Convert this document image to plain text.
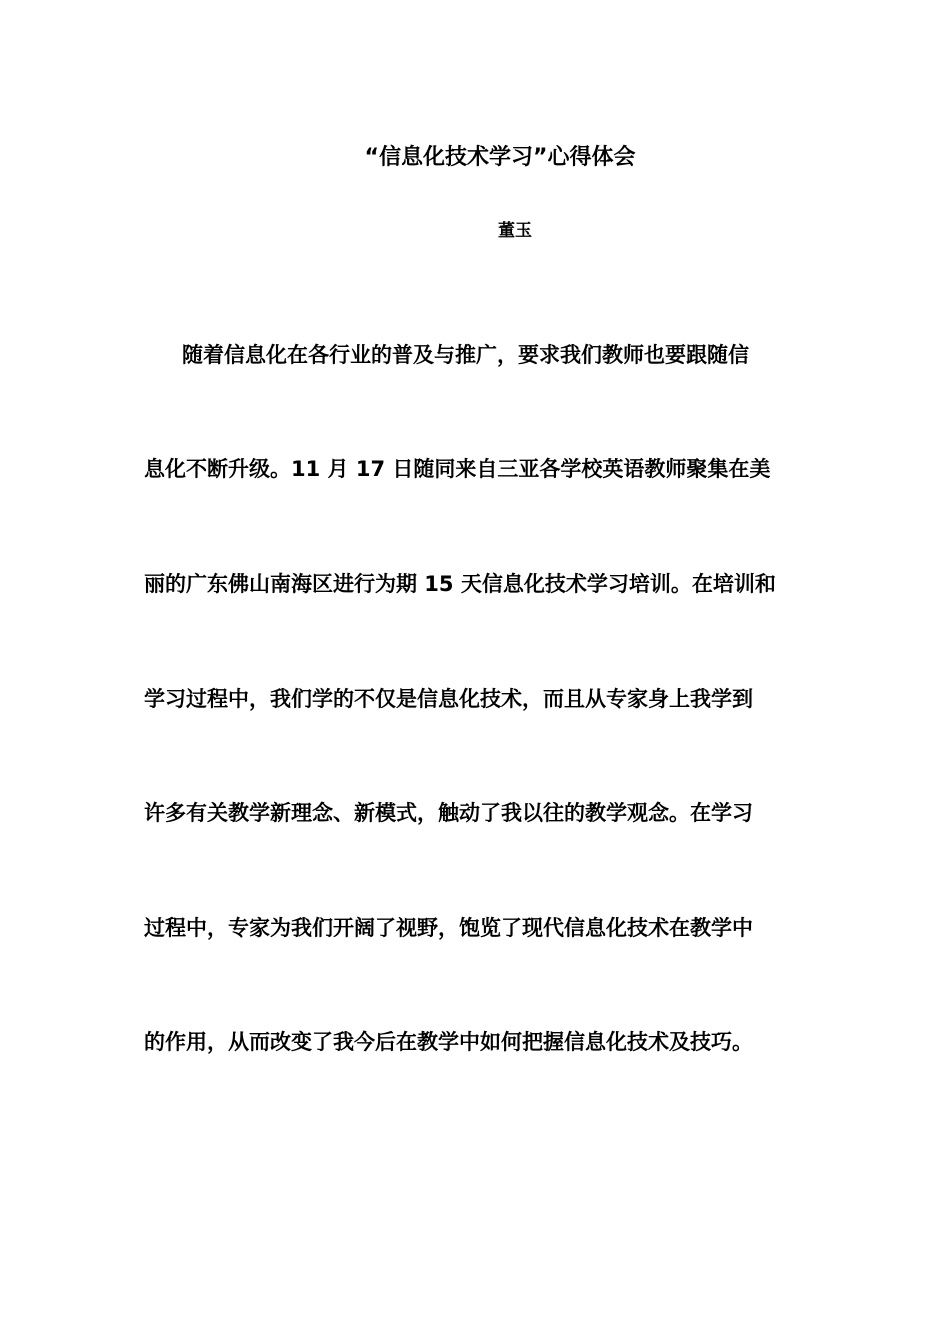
“信息化技术学习”心得体会
董玉
随着信息化在各行业的普及与推广，要求我们教师也要跟随信
息化不断升级。11 月 17 日随同来自三亚各学校英语教师聚集在美
丽的广东佛山南海区进行为期 15 天信息化技术学习培训。在培训和
学习过程中，我们学的不仅是信息化技术，而且从专家身上我学到
许多有关教学新理念、新模式，触动了我以往的教学观念。在学习
过程中，专家为我们开阔了视野，饱览了现代信息化技术在教学中
的作用，从而改变了我今后在教学中如何把握信息化技术及技巧。
